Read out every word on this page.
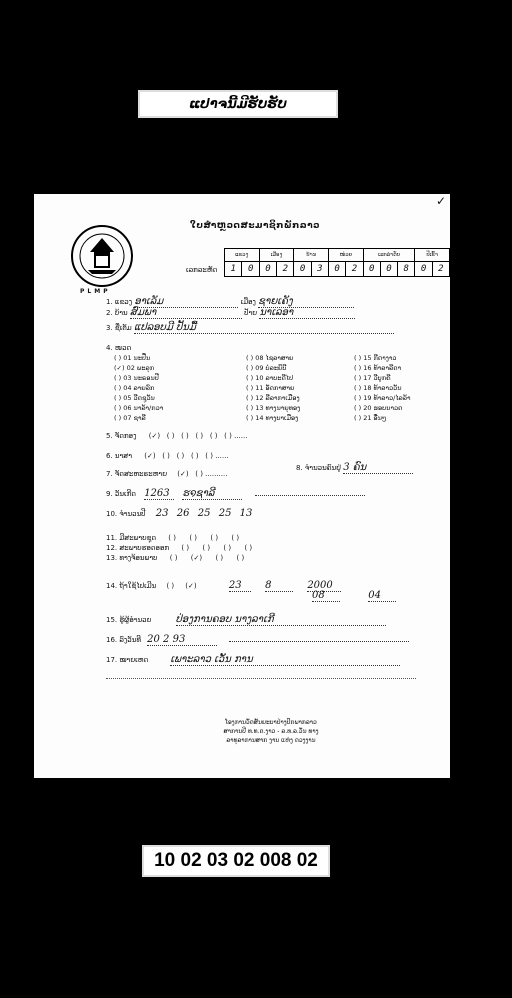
ແປາຈນີ້ມີຮັບຮັບ
✓
PLMP
ໃບສຳຫຼວດສະມາຊິກພັກລາວ
ເລກລະຫັດ
ແຂວງ		ເມືອງ		ບ້ານ		ໜ່ວຍ		ເລກລຳດັບ			ປີເຂົ້າ	
1	0	0	2	0	3	0	2	0	0	8	0	2
1. ແຂວງ ອາເລັມ	ເມືອງ ຊາຍເຄັງ
2. ບ້ານ ສົມພາ	ປ້າຍ ນາເລອາ
3. ຊື່ເຕັມ ແປລອບມີ ປັ້ນມື້
4. ໜວດ
( ) 01 ນະປື່ນ
(✓) 02 ພະລຸກ
( ) 03 ນະຣອນປີ
( ) 04 ລາຍລົກ
( ) 05 ວີດຊູວັນ
( ) 06 ນາລ້າ/ກວາ
( ) 07 ຊາລີ
( ) 08 ໄຊລາສາຍ
( ) 09 ບໍລະຍິບີ
( ) 10 ລາບະດີໄປ
( ) 11 ອັດກາສາຍ
( ) 12 ລີລາກາເມືອງ
( ) 13 ທາງນາຍຸທອງ
( ) 14 ທາງບາເມືອງ
( ) 15 ກີດາງາວ
( ) 16 ທ້າລາລີດາ
( ) 17 ວີບູກຄີ
( ) 18 ທ້າລາວວັນ
( ) 19 ທ້າລາວ/ໄລລ້າ
( ) 20 ຮອບນາວດ
( ) 21 ອື່ນໆ
5. ຈັດກອງ (✓)   ( )   ( )   ( )   ( )   ( ) ......
6. ນາສາ (✓)   ( )   ( )   ( )   ( ) ......
7. ຈັດສະຫະຣະຫາຍ (✓)   ( ) ..........
8. ຈຳນວນຄົນຢູ່ 3 ຄົນ
9. ວັນເກີດ 1263 ຮ໑ຊາລີ
10. ຈຳນວນປີ 23 26 25 25 13
11. ມີສະພາບຊຸດ ( )      ( )      ( )      ( )
12. ສະພາບຮອດອອກ ( )      ( )      ( )      ( )
13. ທາງຈ້ອນພາບ ( )      (✓)      ( )      ( )
14. ຖ້າໃຊ້ໄປເມີນ ( )     (✓)	23 8	2000
08	04
15. ຮູ້ຜູ້ອຳນວຍ ປ່ອງການຄອບ ນາງລາເກີ
16. ລົງວັນທີ 20 2 93
17. ໝາຍເຫດ ເພາະລາວ ເວັ້ນ ການ
ໂອງການວັດສັນຍະບາປ່າງປົກພາກລາວ
ສາການປີ ທ.ທ.ດ.ງາວ - ລ.ທ.ລ.ວັນ ທາງ
ລາທຸລາການສາກ ງານ ແຫ່ງ ດວງງານ
10 02 03 02 008 02
